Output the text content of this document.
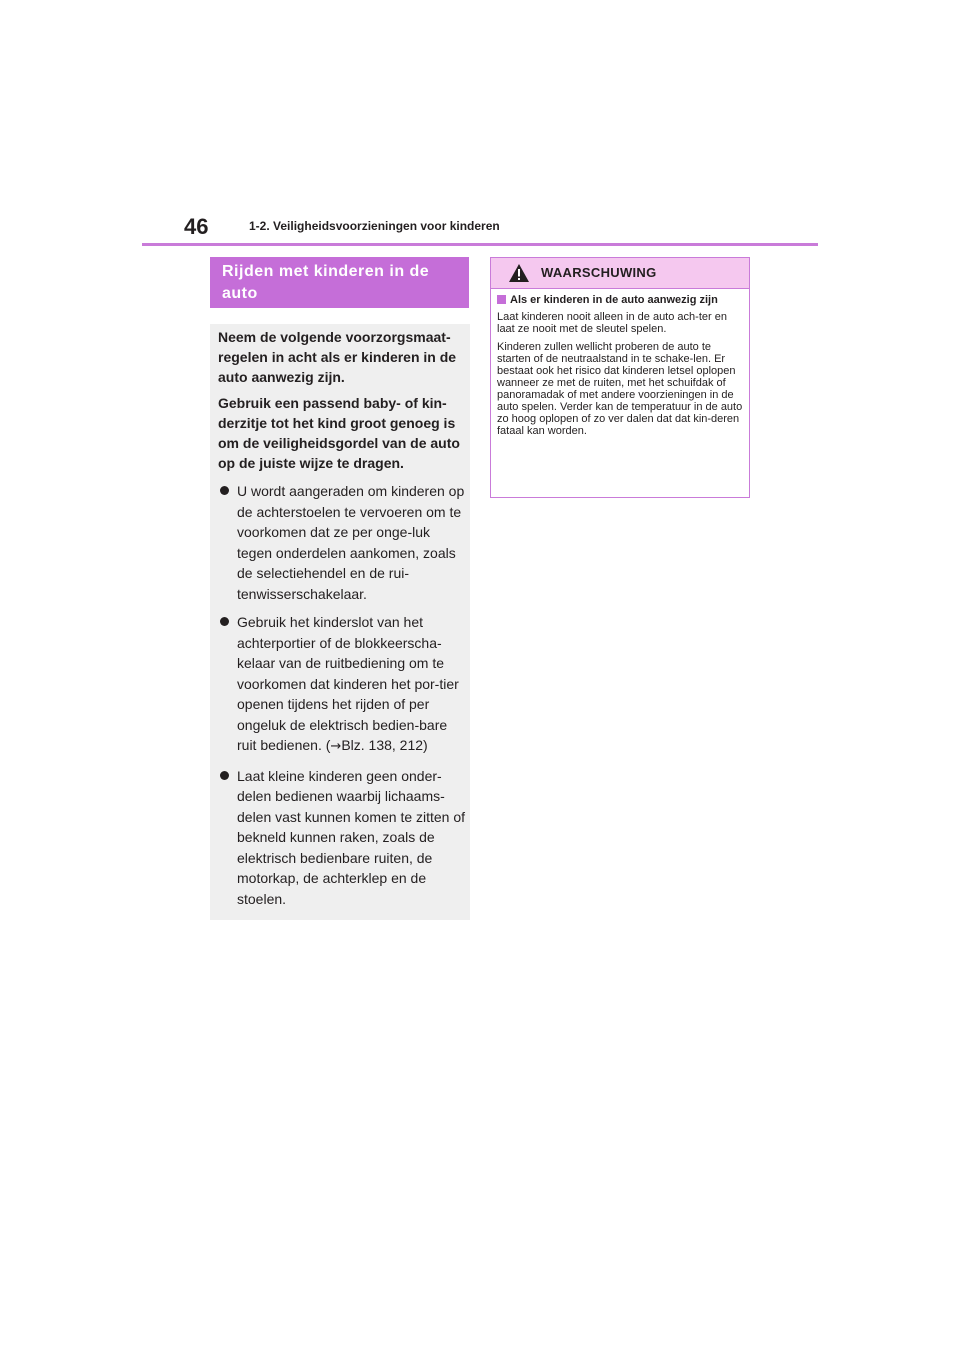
46	1-2. Veiligheidsvoorzieningen voor kinderen
Rijden met kinderen in de
auto

Neem de volgende voorzorgsmaat-regelen in acht als er kinderen in de auto aanwezig zijn.

Gebruik een passend baby- of kin-derzitje tot het kind groot genoeg is om de veiligheidsgordel van de auto op de juiste wijze te dragen.

U wordt aangeraden om kinderen op de achterstoelen te vervoeren om te voorkomen dat ze per onge-luk tegen onderdelen aankomen, zoals de selectiehendel en de rui-tenwisserschakelaar.
Gebruik het kinderslot van het achterportier of de blokkeerscha-kelaar van de ruitbediening om te voorkomen dat kinderen het por-tier openen tijdens het rijden of per ongeluk de elektrisch bedien-bare ruit bedienen. (→Blz. 138, 212)
Laat kleine kinderen geen onder-delen bedienen waarbij lichaams-delen vast kunnen komen te zitten of bekneld kunnen raken, zoals de elektrisch bedienbare ruiten, de motorkap, de achterklep en de stoelen.
WAARSCHUWING
Als er kinderen in de auto aanwezig zijn

Laat kinderen nooit alleen in de auto ach-ter en laat ze nooit met de sleutel spelen.

Kinderen zullen wellicht proberen de auto te starten of de neutraalstand in te schake-len. Er bestaat ook het risico dat kinderen letsel oplopen wanneer ze met de ruiten, met het schuifdak of panoramadak of met andere voorzieningen in de auto spelen. Verder kan de temperatuur in de auto zo hoog oplopen of zo ver dalen dat dat kin-deren fataal kan worden.
